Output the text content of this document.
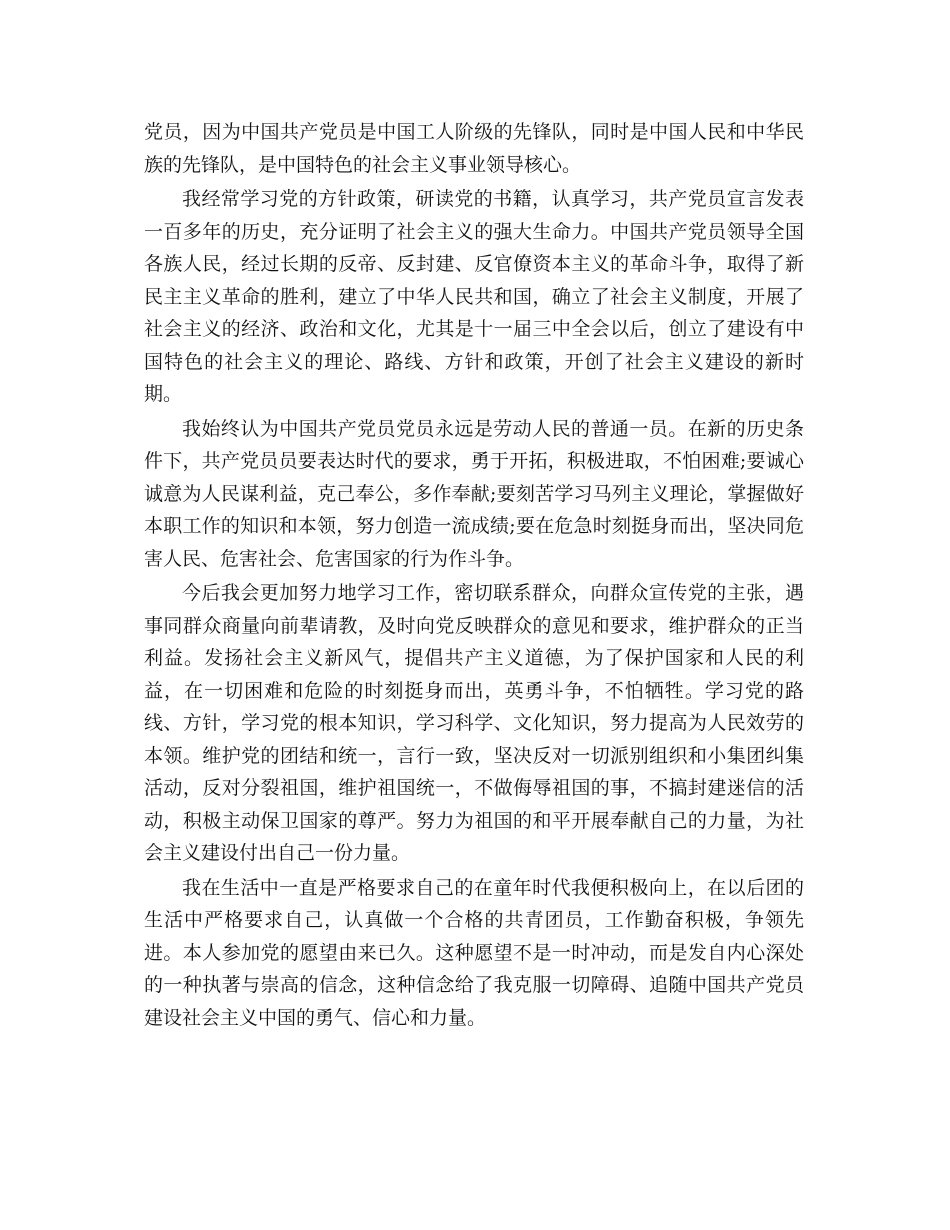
党员，因为中国共产党员是中国工人阶级的先锋队，同时是中国人民和中华民族的先锋队，是中国特色的社会主义事业领导核心。

我经常学习党的方针政策，研读党的书籍，认真学习，共产党员宣言发表一百多年的历史，充分证明了社会主义的强大生命力。中国共产党员领导全国各族人民，经过长期的反帝、反封建、反官僚资本主义的革命斗争，取得了新民主主义革命的胜利，建立了中华人民共和国，确立了社会主义制度，开展了社会主义的经济、政治和文化，尤其是十一届三中全会以后，创立了建设有中国特色的社会主义的理论、路线、方针和政策，开创了社会主义建设的新时期。

我始终认为中国共产党员党员永远是劳动人民的普通一员。在新的历史条件下，共产党员员要表达时代的要求，勇于开拓，积极进取，不怕困难;要诚心诚意为人民谋利益，克己奉公，多作奉献;要刻苦学习马列主义理论，掌握做好本职工作的知识和本领，努力创造一流成绩;要在危急时刻挺身而出，坚决同危害人民、危害社会、危害国家的行为作斗争。

今后我会更加努力地学习工作，密切联系群众，向群众宣传党的主张，遇事同群众商量向前辈请教，及时向党反映群众的意见和要求，维护群众的正当利益。发扬社会主义新风气，提倡共产主义道德，为了保护国家和人民的利益，在一切困难和危险的时刻挺身而出，英勇斗争，不怕牺牲。学习党的路线、方针，学习党的根本知识，学习科学、文化知识，努力提高为人民效劳的本领。维护党的团结和统一，言行一致，坚决反对一切派别组织和小集团纠集活动，反对分裂祖国，维护祖国统一，不做侮辱祖国的事，不搞封建迷信的活动，积极主动保卫国家的尊严。努力为祖国的和平开展奉献自己的力量，为社会主义建设付出自己一份力量。

我在生活中一直是严格要求自己的在童年时代我便积极向上，在以后团的生活中严格要求自己，认真做一个合格的共青团员，工作勤奋积极，争领先进。本人参加党的愿望由来已久。这种愿望不是一时冲动，而是发自内心深处的一种执著与崇高的信念，这种信念给了我克服一切障碍、追随中国共产党员建设社会主义中国的勇气、信心和力量。
